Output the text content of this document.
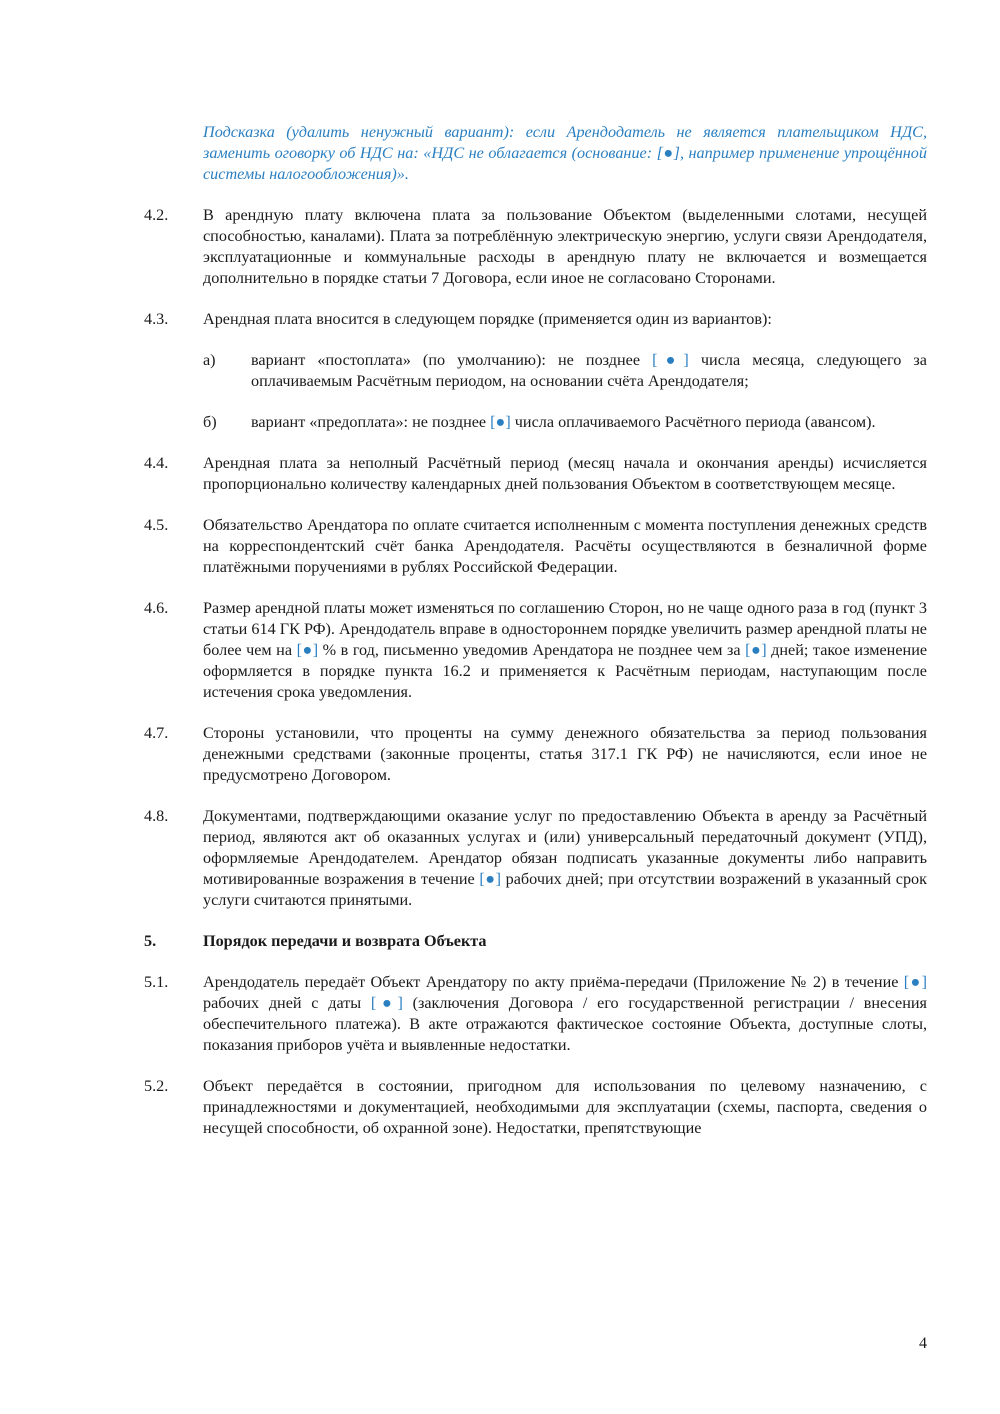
Подсказка (удалить ненужный вариант): если Арендодатель не является плательщиком НДС, заменить оговорку об НДС на: «НДС не облагается (основание: [●], например применение упрощённой системы налогообложения)».
4.2.	В арендную плату включена плата за пользование Объектом (выделенными слотами, несущей способностью, каналами). Плата за потреблённую электрическую энергию, услуги связи Арендодателя, эксплуатационные и коммунальные расходы в арендную плату не включается и возмещается дополнительно в порядке статьи 7 Договора, если иное не согласовано Сторонами.
4.3.	Арендная плата вносится в следующем порядке (применяется один из вариантов):
а)	вариант «постоплата» (по умолчанию): не позднее [●] числа месяца, следующего за оплачиваемым Расчётным периодом, на основании счёта Арендодателя;
б)	вариант «предоплата»: не позднее [●] числа оплачиваемого Расчётного периода (авансом).
4.4.	Арендная плата за неполный Расчётный период (месяц начала и окончания аренды) исчисляется пропорционально количеству календарных дней пользования Объектом в соответствующем месяце.
4.5.	Обязательство Арендатора по оплате считается исполненным с момента поступления денежных средств на корреспондентский счёт банка Арендодателя. Расчёты осуществляются в безналичной форме платёжными поручениями в рублях Российской Федерации.
4.6.	Размер арендной платы может изменяться по соглашению Сторон, но не чаще одного раза в год (пункт 3 статьи 614 ГК РФ). Арендодатель вправе в одностороннем порядке увеличить размер арендной платы не более чем на [●] % в год, письменно уведомив Арендатора не позднее чем за [●] дней; такое изменение оформляется в порядке пункта 16.2 и применяется к Расчётным периодам, наступающим после истечения срока уведомления.
4.7.	Стороны установили, что проценты на сумму денежного обязательства за период пользования денежными средствами (законные проценты, статья 317.1 ГК РФ) не начисляются, если иное не предусмотрено Договором.
4.8.	Документами, подтверждающими оказание услуг по предоставлению Объекта в аренду за Расчётный период, являются акт об оказанных услугах и (или) универсальный передаточный документ (УПД), оформляемые Арендодателем. Арендатор обязан подписать указанные документы либо направить мотивированные возражения в течение [●] рабочих дней; при отсутствии возражений в указанный срок услуги считаются принятыми.
5.	Порядок передачи и возврата Объекта
5.1.	Арендодатель передаёт Объект Арендатору по акту приёма-передачи (Приложение № 2) в течение [●] рабочих дней с даты [●] (заключения Договора / его государственной регистрации / внесения обеспечительного платежа). В акте отражаются фактическое состояние Объекта, доступные слоты, показания приборов учёта и выявленные недостатки.
5.2.	Объект передаётся в состоянии, пригодном для использования по целевому назначению, с принадлежностями и документацией, необходимыми для эксплуатации (схемы, паспорта, сведения о несущей способности, об охранной зоне). Недостатки, препятствующие
4
